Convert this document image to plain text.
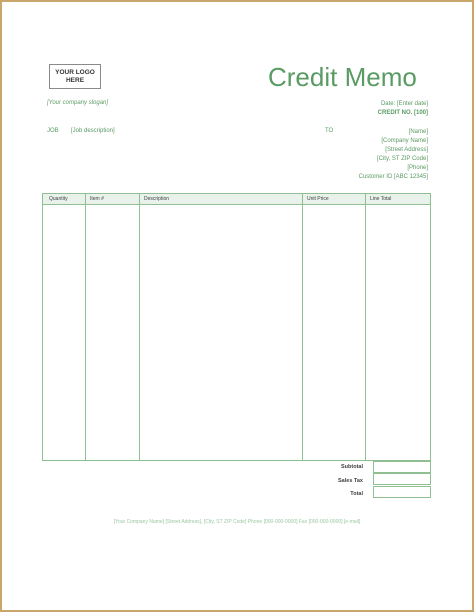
YOUR LOGO
HERE	Credit Memo
[Your company slogan]	Date: [Enter date]
CREDIT NO. [100]
JOB [Job description]	TO	[Name]
[Company Name]
[Street Address]
[City, ST ZIP Code]
[Phone]
Customer ID [ABC 12345]
Quantity	Item #	Description	Unit Price	Line Total
Subtotal
Sales Tax
Total
[Your Company Name] [Street Address], [City, ST ZIP Code] Phone [000-000-0000] Fax [000-000-0000] [e-mail]
